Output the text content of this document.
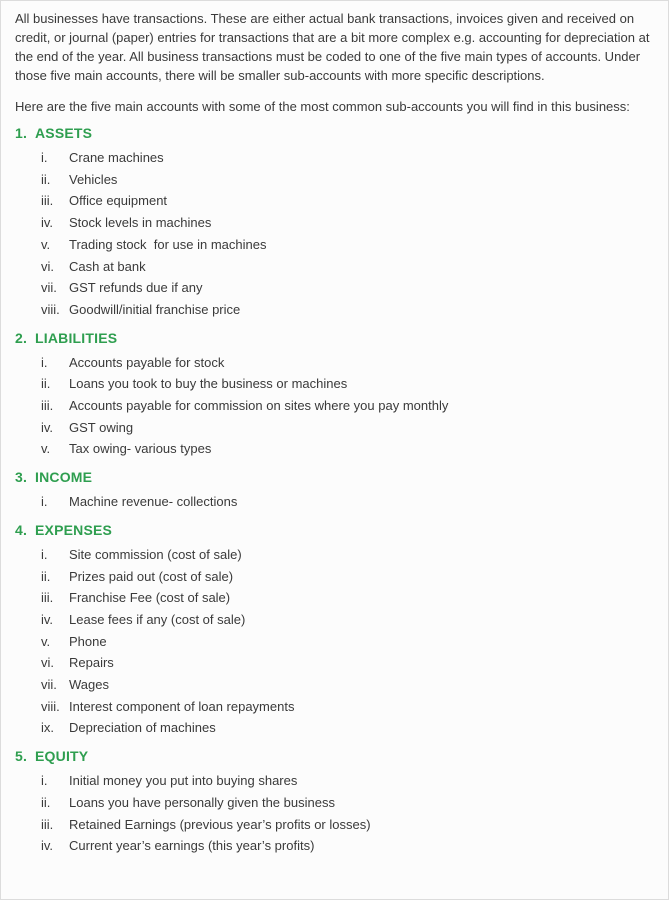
All businesses have transactions. These are either actual bank transactions, invoices given and received on credit, or journal (paper) entries for transactions that are a bit more complex e.g. accounting for depreciation at the end of the year. All business transactions must be coded to one of the five main types of accounts. Under those five main accounts, there will be smaller sub-accounts with more specific descriptions.

Here are the five main accounts with some of the most common sub-accounts you will find in this business:

1. ASSETS
i.	Crane machines
ii.	Vehicles
iii.	Office equipment
iv.	Stock levels in machines
v.	Trading stock  for use in machines
vi.	Cash at bank
vii. GST refunds due if any
viii. Goodwill/initial franchise price
2. LIABILITIES
i.	Accounts payable for stock
ii.	Loans you took to buy the business or machines
iii.	Accounts payable for commission on sites where you pay monthly
iv.	GST owing
v.	Tax owing- various types
3. INCOME
i.	Machine revenue- collections
4. EXPENSES
i.	Site commission (cost of sale)
ii.	Prizes paid out (cost of sale)
iii.	Franchise Fee (cost of sale)
iv.	Lease fees if any (cost of sale)
v.	Phone
vi.	Repairs
vii. Wages
viii. Interest component of loan repayments
ix.	Depreciation of machines
5. EQUITY
i.	Initial money you put into buying shares
ii.	Loans you have personally given the business
iii.	Retained Earnings (previous year’s profits or losses)
iv.	Current year’s earnings (this year’s profits)
